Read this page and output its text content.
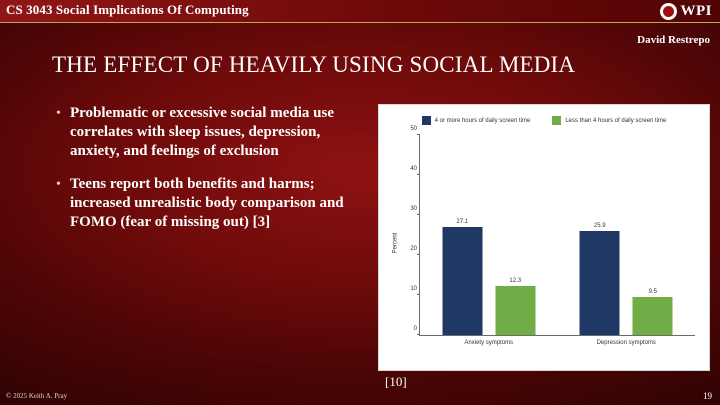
CS 3043 Social Implications Of Computing	WPI
David Restrepo
THE EFFECT OF HEAVILY USING SOCIAL MEDIA
• Problematic or excessive social media use correlates with sleep issues, depression, anxiety, and feelings of exclusion
• Teens report both benefits and harms; increased unrealistic body comparison and FOMO (fear of missing out) [3]
4 or more hours of daily screen time	Less than 4 hours of daily screen time
Percent
0
10
20
30
40
50
27.1
12.3
Anxiety symptoms
25.9
9.5
Depression symptoms
[10]
© 2025 Keith A. Pray	19
